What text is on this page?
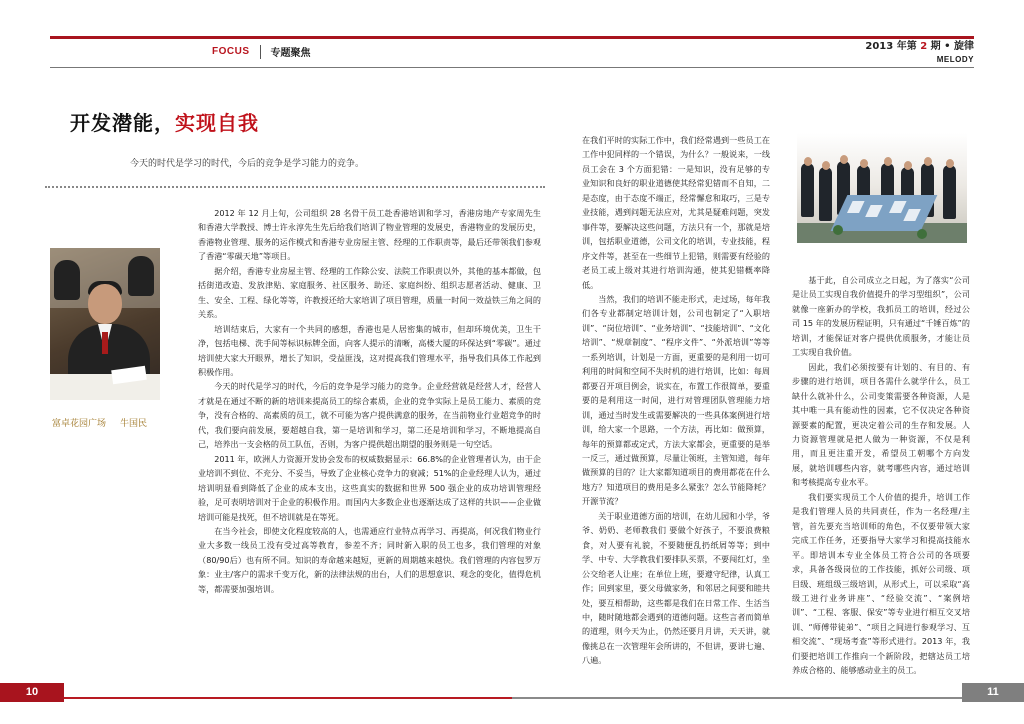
FOCUS 专题聚焦
2013 年第 2 期 • 旋律
MELODY
开发潜能，实现自我
今天的时代是学习的时代，今后的竞争是学习能力的竞争。
富卓花园广场 牛国民

2012 年 12 月上旬，公司组织 28 名骨干员工赴香港培训和学习，香港房地产专家周先生和香港大学教授、博士许永淳先生先后给我们培训了物业管理的发展史，香港物业的发展历史，香港物业管理、服务的运作模式和香港专业房屋主管、经理的工作职责等，最后还带领我们参观了香港“零碳天地”等项目。

据介绍，香港专业房屋主管、经理的工作除公安、法院工作职责以外，其他的基本都做，包括街道改造、发放津贴、家庭服务、社区服务、助还、家庭纠纷、组织志愿者活动、健康、卫生、安全、工程、绿化等等，许教授还给大家培训了项目管理，质量一时间一效益铁三角之间的关系。

培训结束后，大家有一个共同的感想，香港也是人居密集的城市，但却环境优美，卫生干净，包括电梯、洗手间等标识标牌全面，向客人提示的清晰，高楼大厦的环保达到“零碳”。通过培训使大家大开眼界，增长了知识，受益匪浅，这对提高我们管理水平，指导我们具体工作起到积极作用。

今天的时代是学习的时代，今后的竞争是学习能力的竞争。企业经营就是经营人才，经营人才就是在通过不断的新的培训来提高员工的综合素质，企业的竞争实际上是员工能力、素质的竞争，没有合格的、高素质的员工，就不可能为客户提供满意的服务，在当前物业行业超竞争的时代，我们要向前发展，要超越自我，第一是培训和学习，第二还是培训和学习，不断地提高自己，培养出一支会格的员工队伍，否则，为客户提供超出期望的服务则是一句空话。

2011 年，欧洲人力资源开发协会发布的权威数据显示：66.8%的企业管理者认为，由于企业培训不到位、不充分、不妥当，导致了企业核心竞争力的衰减；51%的企业经理人认为，通过培训明显看到降低了企业的成本支出，这些真实的数据和世界 500 强企业的成功培训管理经验，足可表明培训对于企业的积极作用。而国内大多数企业也逐渐达成了这样的共识——企业做培训可能是找死，但不培训就是在等死。

在当今社会，即使文化程度较高的人，也需通应行业特点再学习、再提高，何况我们物业行业大多数一线员工没有受过高等教育，参差不齐；同时新入职的员工也多，我们管理的对象（80/90后）也有所不同。知识的寿命越来越短，更新的周期越来越快。我们管理的内容包罗万象：业主/客户的需求千变万化，新的法律法规的出台，人们的思想意识、观念的变化，值得危机等，都需要加强培训。

在我们平时的实际工作中，我们经常遇到一些员工在工作中犯同样的一个错误，为什么？一般说来，一线员工会在 3 个方面犯错：一是知识，没有足够的专业知识和良好的职业道德使其经常犯错而不自知，二是态度，由于态度不端正，经常懈怠和取巧，三是专业技能，遇到问题无法应对，尤其是疑难问题，突发事件等，要解决这些问题，方法只有一个，那就是培训，包括职业道德，公司文化的培训，专业技能，程序文件等，甚至在一些细节上犯错，则需要有经验的老员工或上级对其进行培训沟通，使其犯错概率降低。

当然，我们的培训不能走形式，走过场，每年我们各专业都制定培训计划，公司也制定了“入职培训”、“岗位培训”、“业务培训”、“技能培训”、“文化培训”、“规章制度”、“程序文件”、“外派培训”等等一系列培训，计划是一方面，更重要的是利用一切可利用的时间和空间不失时机的进行培训，比如：每周都要召开项目例会，说实在，布置工作很简单，要重要的是利用这一时间，进行对管理团队管理能力培训，通过当时发生或需要解决的一些具体案例进行培训，给大家一个思路，一个方法，再比如：做预算，每年的预算都或定式，方法大家都会，更重要的是举一反三，通过做预算，尽量让领班，主管知道，每年做预算的目的？让大家都知道项目的费用都花在什么地方？知道项目的费用是多么紧张？怎么节能降耗？开源节流？

关于职业道德方面的培训，在幼儿园和小学，爷爷、奶奶、老师教我们 要做个好孩子，不要浪费粮食，对人要有礼貌，不要随便乱扔纸屑等等；到中学、中专、大学教我们要排队买票，不要闯红灯，坐公交给老人让座；在单位上班，要遵守纪律，认真工作；回到家里，要父母做家务，和邻居之间要和睦共处，要互相帮助，这些都是我们在日常工作、生活当中，随时随地都会遇到的道德问题。这些言者而简单的道理，则今天为止，仍然还要月月讲，天天讲，就像挑总在一次管理年会所讲的，不但讲，要讲七遍、八遍。

基于此，自公司成立之日起，为了落实“公司是让员工实现自我价值提升的学习型组织”，公司就像一座新办的学校，我抓员工的培训，经过公司 15 年的发展历程证明，只有通过“千锤百炼”的培训，才能保证对客户提供优质服务，才能让员工实现自我价值。

因此，我们必须按要有计划的、有目的、有步骤的进行培训，项目各需什么就学什么，员工缺什么就补什么，公司变策需要各种资源，人是其中唯一具有能动性的因素，它不仅决定各种资源要素的配置，更决定着公司的生存和发展。人力资源管理就是把人做为一种资源，不仅是利用，而且更注重开发，希望员工朝哪个方向发展，就培训哪些内容，就考哪些内容，通过培训和考核提高专业水平。

我们要实现员工个人价值的提升，培训工作是我们管理人员的共同责任，作为一名经理/主管，首先要充当培训师的角色，不仅要带领大家完成工作任务，还要指导大家学习和提高技能水平。即培训本专业全体员工符合公司的各项要求，具备各级岗位的工作技能，抓好公司级、项目级、班组级三级培训，从形式上，可以采取“高级工进行业务讲座”、“经验交流”、“案例培训”、“工程、客服、保安”等专业进行相互交叉培训、“师傅带徒弟”、“项目之间进行参观学习、互相交流”、“现场考查”等形式进行。2013 年，我们要把培训工作推向一个新阶段，把辖达员工培养成合格的、能够感动业主的员工。

10	11
